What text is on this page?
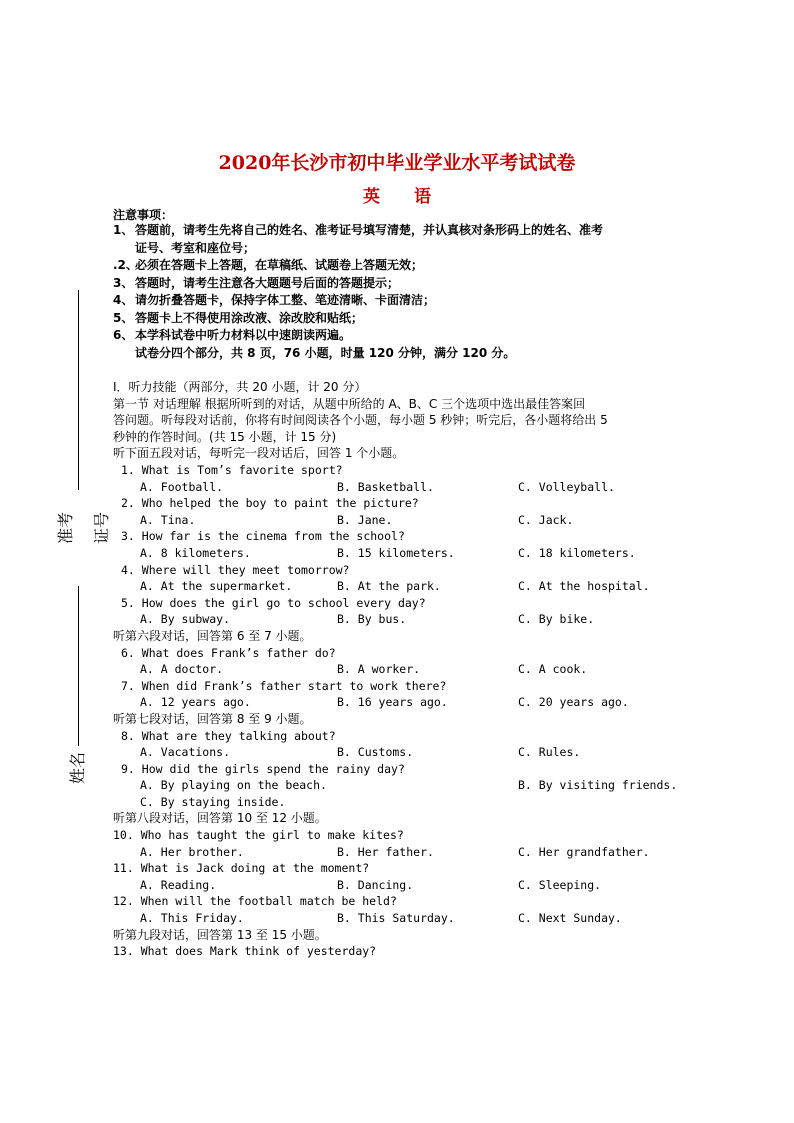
准考证号
姓名
2020年长沙市初中毕业学业水平考试试卷
英 语
注意事项：
1、 答题前，请考生先将自己的姓名、准考证号填写清楚，并认真核对条形码上的姓名、准考
证号、考室和座位号；
.2、必须在答题卡上答题，在草稿纸、试题卷上答题无效；
3、 答题时，请考生注意各大题题号后面的答题提示；
4、 请勿折叠答题卡，保持字体工整、笔迹清晰、卡面清洁；
5、 答题卡上不得使用涂改液、涂改胶和贴纸；
6、 本学科试卷中听力材料以中速朗读两遍。
试卷分四个部分，共 8 页，76 小题，时量 120 分钟，满分 120 分。
I．听力技能（两部分，共 20 小题，计 20 分）
第一节 对话理解 根据所听到的对话，从题中所给的 A、B、C 三个选项中选出最佳答案回
答问题。听每段对话前，你将有时间阅读各个小题，每小题 5 秒钟；听完后，各小题将给出 5
秒钟的作答时间。(共 15 小题，计 15 分)
听下面五段对话，每听完一段对话后，回答 1 个小题。
1. What is Tom’s favorite sport?
A. Football.	B. Basketball.	C. Volleyball.
2. Who helped the boy to paint the picture?
A. Tina.	B. Jane.	C. Jack.
3. How far is the cinema from the school?
A. 8 kilometers.	B. 15 kilometers.	C. 18 kilometers.
4. Where will they meet tomorrow?
A. At the supermarket.	B. At the park.	C. At the hospital.
5. How does the girl go to school every day?
A. By subway.	B. By bus.	C. By bike.
听第六段对话，回答第 6 至 7 小题。
6. What does Frank’s father do?
A. A doctor.	B. A worker.	C. A cook.
7. When did Frank’s father start to work there?
A. 12 years ago.	B. 16 years ago.	C. 20 years ago.
听第七段对话，回答第 8 至 9 小题。
8. What are they talking about?
A. Vacations.	B. Customs.	C. Rules.
9. How did the girls spend the rainy day?
A. By playing on the beach.	B. By visiting friends.
C. By staying inside.
听第八段对话，回答第 10 至 12 小题。
10. Who has taught the girl to make kites?
A. Her brother.	B. Her father.	C. Her grandfather.
11. What is Jack doing at the moment?
A. Reading.	B. Dancing.	C. Sleeping.
12. When will the football match be held?
A. This Friday.	B. This Saturday.	C. Next Sunday.
听第九段对话，回答第 13 至 15 小题。
13. What does Mark think of yesterday?
